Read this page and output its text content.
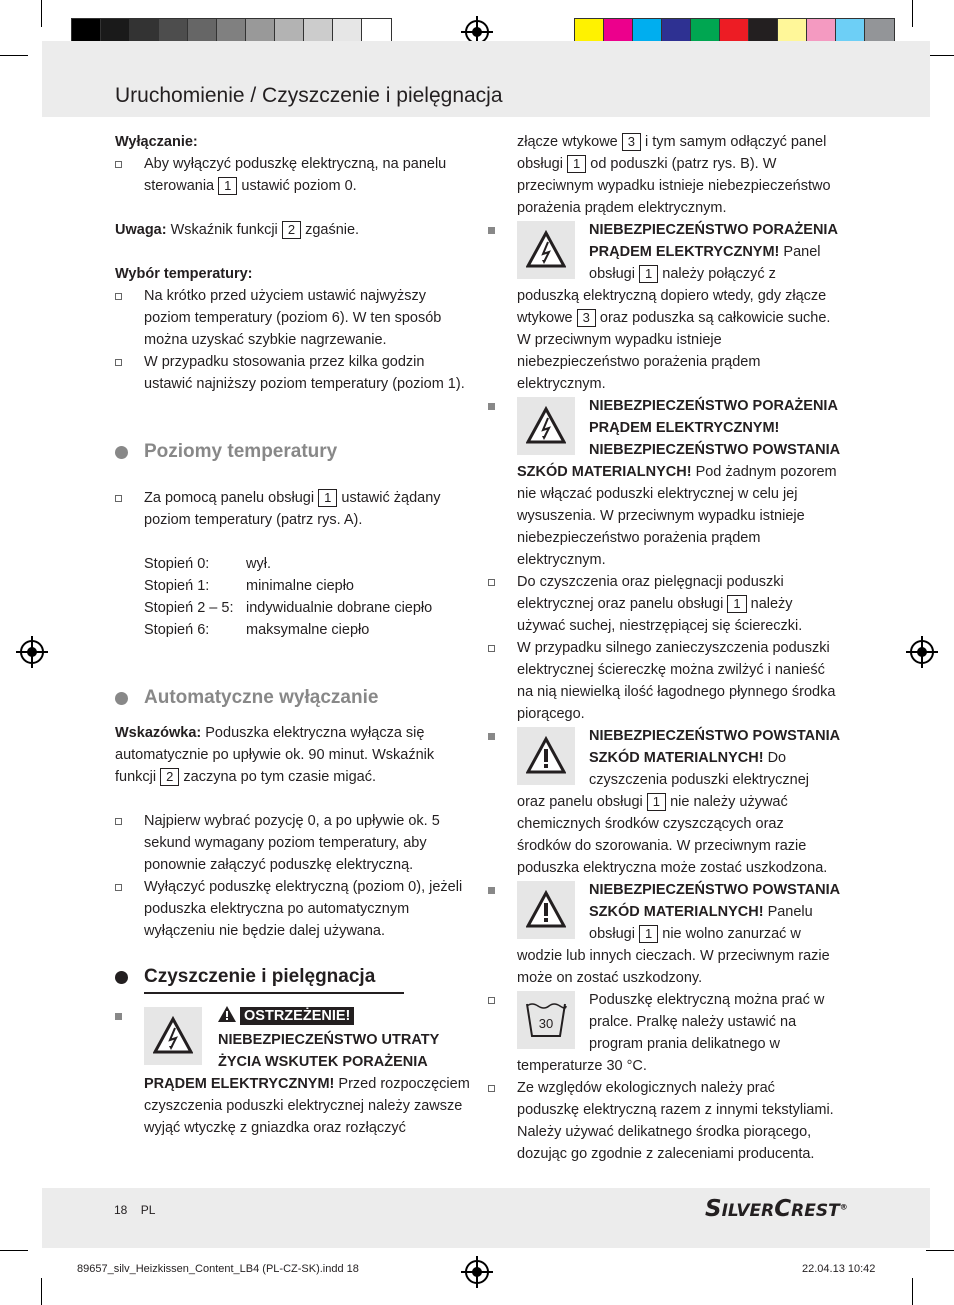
Uruchomienie / Czyszczenie i pielęgnacja

Wyłączanie:

Aby wyłączyć poduszkę elektryczną, na panelu sterowania 1 ustawić poziom 0.

Uwaga: Wskaźnik funkcji 2 zgaśnie.

Wybór temperatury:

Na krótko przed użyciem ustawić najwyższy poziom temperatury (poziom 6). W ten sposób można uzyskać szybkie nagrzewanie.
W przypadku stosowania przez kilka godzin ustawić najniższy poziom temperatury (poziom 1).
Poziomy temperatury
Za pomocą panelu obsługi 1 ustawić żądany poziom temperatury (patrz rys. A).
Stopień 0:	wył.
Stopień 1:	minimalne ciepło
Stopień 2 – 5: indywidualnie dobrane ciepło
Stopień 6:	maksymalne ciepło
Automatyczne wyłączanie

Wskazówka: Poduszka elektryczna wyłącza się automatycznie po upływie ok. 90 minut. Wskaźnik funkcji 2 zaczyna po tym czasie migać.

Najpierw wybrać pozycję 0, a po upływie ok. 5 sekund wymagany poziom temperatury, aby ponownie załączyć poduszkę elektryczną.
Wyłączyć poduszkę elektryczną (poziom 0), jeżeli poduszka elektryczna po automatycznym wyłączeniu nie będzie dalej używana.
Czyszczenie i pielęgnacja

OSTRZEŻENIE! NIEBEZPIECZEŃSTWO UTRATY ŻYCIA WSKUTEK PORAŻENIA PRĄDEM ELEKTRYCZNYM! Przed rozpoczęciem czyszczenia poduszki elektrycznej należy zawsze wyjąć wtyczkę z gniazdka oraz rozłączyć

złącze wtykowe 3 i tym samym odłączyć panel obsługi 1 od poduszki (patrz rys. B). W przeciwnym wypadku istnieje niebezpieczeństwo porażenia prądem elektrycznym.

NIEBEZPIECZEŃSTWO PORAŻENIA PRĄDEM ELEKTRYCZNYM! Panel obsługi 1 należy połączyć z poduszką elektryczną dopiero wtedy, gdy złącze wtykowe 3 oraz poduszka są całkowicie suche. W przeciwnym wypadku istnieje niebezpieczeństwo porażenia prądem elektrycznym.

NIEBEZPIECZEŃSTWO PORAŻENIA PRĄDEM ELEKTRYCZNYM! NIEBEZPIECZEŃSTWO POWSTANIA SZKÓD MATERIALNYCH! Pod żadnym pozorem nie włączać poduszki elektrycznej w celu jej wysuszenia. W przeciwnym wypadku istnieje niebezpieczeństwo porażenia prądem elektrycznym.

Do czyszczenia oraz pielęgnacji poduszki elektrycznej oraz panelu obsługi 1 należy używać suchej, niestrzępiącej się ściereczki.
W przypadku silnego zanieczyszczenia poduszki elektrycznej ściereczkę można zwilżyć i nanieść na nią niewielką ilość łagodnego płynnego środka piorącego.

NIEBEZPIECZEŃSTWO POWSTANIA SZKÓD MATERIALNYCH! Do czyszczenia poduszki elektrycznej oraz panelu obsługi 1 nie należy używać chemicznych środków czyszczących oraz środków do szorowania. W przeciwnym razie poduszka elektryczna może zostać uszkodzona.

NIEBEZPIECZEŃSTWO POWSTANIA SZKÓD MATERIALNYCH! Panelu obsługi 1 nie wolno zanurzać w wodzie lub innych cieczach. W przeciwnym razie może on zostać uszkodzony.

30

Poduszkę elektryczną można prać w pralce. Pralkę należy ustawić na program prania delikatnego w temperaturze 30 °C.

Ze względów ekologicznych należy prać poduszkę elektryczną razem z innymi tekstyliami. Należy używać delikatnego środka piorącego, dozując go zgodnie z zaleceniami producenta.
18 PL	SILVERCREST®
89657_silv_Heizkissen_Content_LB4 (PL-CZ-SK).indd 18	22.04.13 10:42
